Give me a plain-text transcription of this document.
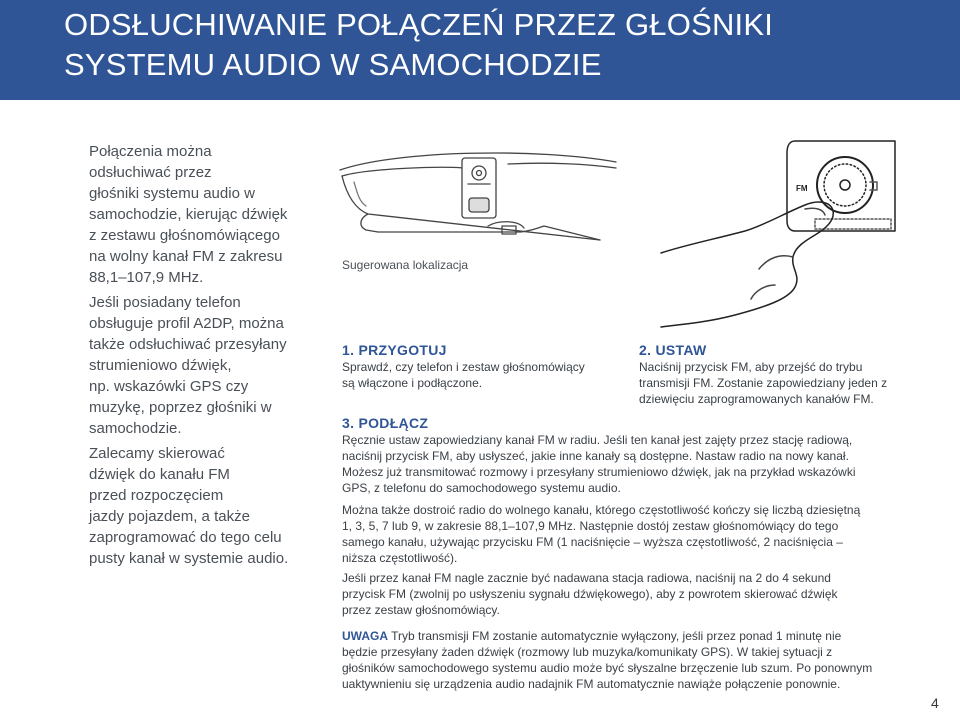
ODSŁUCHIWANIE POŁĄCZEŃ PRZEZ GŁOŚNIKI
SYSTEMU AUDIO W SAMOCHODZIE

Połączenia można

odsłuchiwać przez

głośniki systemu audio w

samochodzie, kierując dźwięk

z zestawu głośnomówiącego

na wolny kanał FM z zakresu

88,1–107,9 MHz.

Jeśli posiadany telefon

obsługuje profil A2DP, można

także odsłuchiwać przesyłany

strumieniowo dźwięk,

np. wskazówki GPS czy

muzykę, poprzez głośniki w

samochodzie.

Zalecamy skierować

dźwięk do kanału FM

przed rozpoczęciem

jazdy pojazdem, a także

zaprogramować do tego celu

pusty kanał w systemie audio.

Sugerowana lokalizacja
FM
1. PRZYGOTUJ
Sprawdź, czy telefon i zestaw głośnomówiący
są włączone i podłączone.
2. USTAW
Naciśnij przycisk FM, aby przejść do trybu
transmisji FM. Zostanie zapowiedziany jeden z
dziewięciu zaprogramowanych kanałów FM.
3. PODŁĄCZ

Ręcznie ustaw zapowiedziany kanał FM w radiu. Jeśli ten kanał jest zajęty przez stację radiową,

naciśnij przycisk FM, aby usłyszeć, jakie inne kanały są dostępne. Nastaw radio na nowy kanał.

Możesz już transmitować rozmowy i przesyłany strumieniowo dźwięk, jak na przykład wskazówki

GPS, z telefonu do samochodowego systemu audio.

Można także dostroić radio do wolnego kanału, którego częstotliwość kończy się liczbą dziesiętną

1, 3, 5, 7 lub 9, w zakresie 88,1–107,9 MHz. Następnie dostój zestaw głośnomówiący do tego

samego kanału, używając przycisku FM (1 naciśnięcie – wyższa częstotliwość, 2 naciśnięcia –

niższa częstotliwość).

Jeśli przez kanał FM nagle zacznie być nadawana stacja radiowa, naciśnij na 2 do 4 sekund

przycisk FM (zwolnij po usłyszeniu sygnału dźwiękowego), aby z powrotem skierować dźwięk

przez zestaw głośnomówiący.

UWAGA Tryb transmisji FM zostanie automatycznie wyłączony, jeśli przez ponad 1 minutę nie
będzie przesyłany żaden dźwięk (rozmowy lub muzyka/komunikaty GPS). W takiej sytuacji z
głośników samochodowego systemu audio może być słyszalne brzęczenie lub szum. Po ponownym
uaktywnieniu się urządzenia audio nadajnik FM automatycznie nawiąże połączenie ponownie.
4
